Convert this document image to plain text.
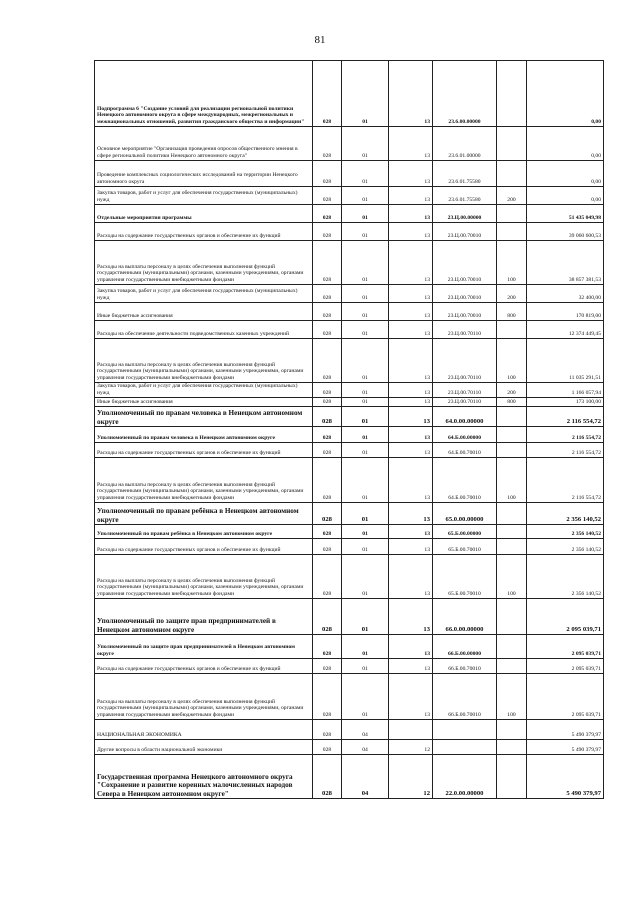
81
Подпрограмма 6 "Создание условий для реализации региональной политики Ненецкого автономного округа в сфере международных, межрегиональных и межнациональных отношений, развития гражданского общества и информации"	028	01	13	23.6.00.00000		0,00
Основное мероприятие "Организация проведения опросов общественного мнения в сфере региональной политики Ненецкого автономного округа"	028	01	13	23.6.01.00000		0,00
Проведение комплексных социологических исследований на территории Ненецкого автономного округа	028	01	13	23.6.01.75580		0,00
Закупка товаров, работ и услуг для обеспечения государственных (муниципальных) нужд	028	01	13	23.6.01.75580	200	0,00
Отдельные мероприятия программы	028	01	13	23.Ц.00.00000		51 435 049,98
Расходы на содержание государственных органов и обеспечение их функций	028	01	13	23.Ц.00.70010		39 060 600,53
Расходы на выплаты персоналу в целях обеспечения выполнения функций государственными (муниципальными) органами, казенными учреждениями, органами управления государственными внебюджетными фондами	028	01	13	23.Ц.00.70010	100	38 857 381,53
Закупка товаров, работ и услуг для обеспечения государственных (муниципальных) нужд	028	01	13	23.Ц.00.70010	200	32 400,00
Иные бюджетные ассигнования	028	01	13	23.Ц.00.70010	800	170 819,00
Расходы на обеспечение деятельности подведомственных казенных учреждений	028	01	13	23.Ц.00.70110		12 374 449,45
Расходы на выплаты персоналу в целях обеспечения выполнения функций государственными (муниципальными) органами, казенными учреждениями, органами управления государственными внебюджетными фондами	028	01	13	23.Ц.00.70110	100	11 035 291,51
Закупка товаров, работ и услуг для обеспечения государственных (муниципальных) нужд	028	01	13	23.Ц.00.70110	200	1 166 057,94
Иные бюджетные ассигнования	028	01	13	23.Ц.00.70110	800	173 100,00
Уполномоченный по правам человека в Ненецком автономном округе	028	01	13	64.0.00.00000		2 116 554,72
Уполномоченный по правам человека в Ненецком автономном округе	028	01	13	64.Б.00.00000		2 116 554,72
Расходы на содержание государственных органов и обеспечение их функций	028	01	13	64.Б.00.70010		2 116 554,72
Расходы на выплаты персоналу в целях обеспечения выполнения функций государственными (муниципальными) органами, казенными учреждениями, органами управления государственными внебюджетными фондами	028	01	13	64.Б.00.70010	100	2 116 554,72
Уполномоченный по правам ребёнка в Ненецком автономном округе	028	01	13	65.0.00.00000		2 356 140,52
Уполномоченный по правам ребёнка в Ненецком автономном округе	028	01	13	65.Б.00.00000		2 356 140,52
Расходы на содержание государственных органов и обеспечение их функций	028	01	13	65.Б.00.70010		2 356 140,52
Расходы на выплаты персоналу в целях обеспечения выполнения функций государственными (муниципальными) органами, казенными учреждениями, органами управления государственными внебюджетными фондами	028	01	13	65.Б.00.70010	100	2 356 140,52
Уполномоченный по защите прав предпринимателей в Ненецком автономном округе	028	01	13	66.0.00.00000		2 095 039,71
Уполномоченный по защите прав предпринимателей в Ненецком автономном округе	028	01	13	66.Б.00.00000		2 095 039,71
Расходы на содержание государственных органов и обеспечение их функций	028	01	13	66.Б.00.70010		2 095 039,71
Расходы на выплаты персоналу в целях обеспечения выполнения функций государственными (муниципальными) органами, казенными учреждениями, органами управления государственными внебюджетными фондами	028	01	13	66.Б.00.70010	100	2 095 039,71
НАЦИОНАЛЬНАЯ ЭКОНОМИКА	028	04				5 490 379,97
Другие вопросы в области национальной экономики	028	04	12			5 490 379,97
Государственная программа Ненецкого автономного округа "Сохранение и развитие коренных малочисленных народов Севера в Ненецком автономном округе"	028	04	12	22.0.00.00000		5 490 379,97
